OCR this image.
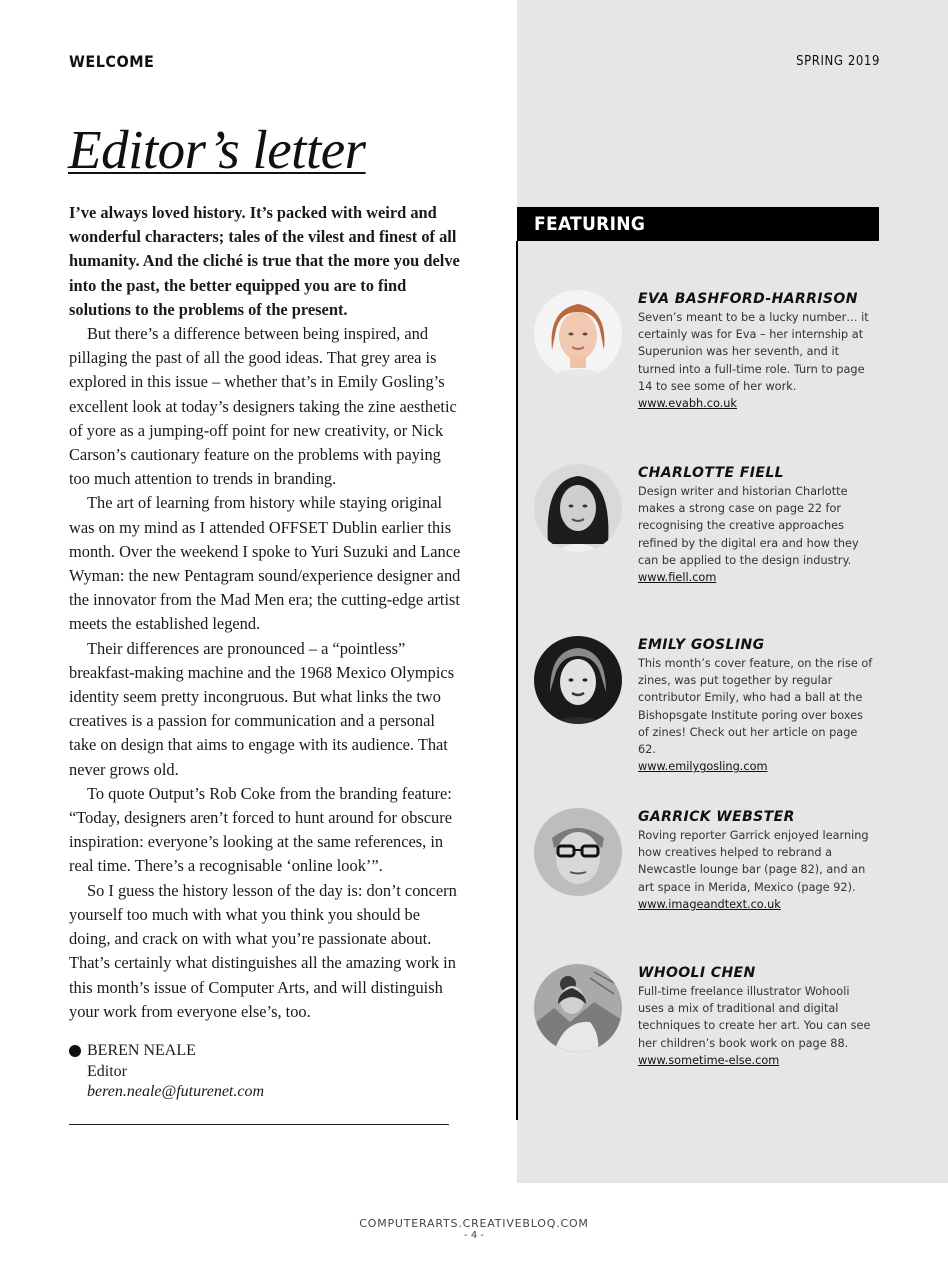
WELCOME	SPRING 2019
Editor’s letter

I’ve always loved history. It’s packed with weird and wonderful characters; tales of the vilest and finest of all humanity. And the cliché is true that the more you delve into the past, the better equipped you are to find solutions to the problems of the present.

But there’s a difference between being inspired, and pillaging the past of all the good ideas. That grey area is explored in this issue – whether that’s in Emily Gosling’s excellent look at today’s designers taking the zine aesthetic of yore as a jumping-off point for new creativity, or Nick Carson’s cautionary feature on the problems with paying too much attention to trends in branding.

The art of learning from history while staying original was on my mind as I attended OFFSET Dublin earlier this month. Over the weekend I spoke to Yuri Suzuki and Lance Wyman: the new Pentagram sound/experience designer and the innovator from the Mad Men era; the cutting-edge artist meets the established legend.

Their differences are pronounced – a “pointless” breakfast-making machine and the 1968 Mexico Olympics identity seem pretty incongruous. But what links the two creatives is a passion for communication and a personal take on design that aims to engage with its audience. That never grows old.

To quote Output’s Rob Coke from the branding feature: “Today, designers aren’t forced to hunt around for obscure inspiration: everyone’s looking at the same references, in real time. There’s a recognisable ‘online look’”.

So I guess the history lesson of the day is: don’t concern yourself too much with what you think you should be doing, and crack on with what you’re passionate about. That’s certainly what distinguishes all the amazing work in this month’s issue of Computer Arts, and will distinguish your work from everyone else’s, too.

BEREN NEALE
Editor
beren.neale@futurenet.com
FEATURING
EVA BASHFORD-HARRISON
Seven’s meant to be a lucky number… it certainly was for Eva – her internship at Superunion was her seventh, and it turned into a full-time role. Turn to page 14 to see some of her work.
www.evabh.co.uk
CHARLOTTE FIELL
Design writer and historian Charlotte makes a strong case on page 22 for recognising the creative approaches refined by the digital era and how they can be applied to the design industry.
www.fiell.com
EMILY GOSLING
This month’s cover feature, on the rise of zines, was put together by regular contributor Emily, who had a ball at the Bishopsgate Institute poring over boxes of zines! Check out her article on page 62.
www.emilygosling.com
GARRICK WEBSTER
Roving reporter Garrick enjoyed learning how creatives helped to rebrand a Newcastle lounge bar (page 82), and an art space in Merida, Mexico (page 92).
www.imageandtext.co.uk
WHOOLI CHEN
Full-time freelance illustrator Wohooli uses a mix of traditional and digital techniques to create her art. You can see her children’s book work on page 88.
www.sometime-else.com
COMPUTERARTS.CREATIVEBLOQ.COM
- 4 -
